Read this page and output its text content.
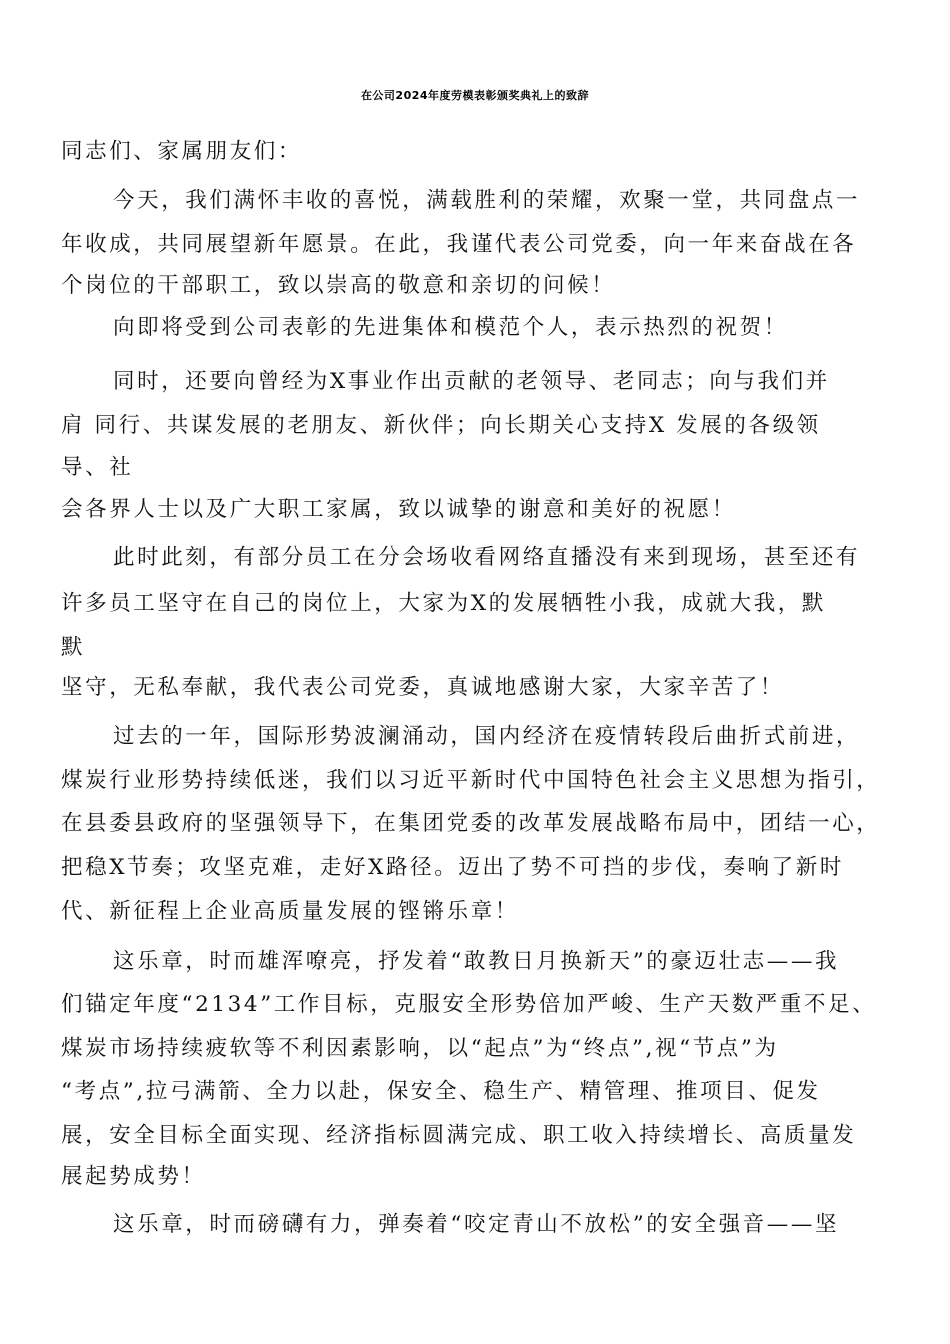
在公司2024年度劳模表彰颁奖典礼上的致辞
同志们、家属朋友们：
今天，我们满怀丰收的喜悦，满载胜利的荣耀，欢聚一堂，共同盘点一
年收成，共同展望新年愿景。在此，我谨代表公司党委，向一年来奋战在各
个岗位的干部职工，致以崇高的敬意和亲切的问候！
向即将受到公司表彰的先进集体和模范个人，表示热烈的祝贺！
同时，还要向曾经为X事业作出贡献的老领导、老同志；向与我们并
肩 同行、共谋发展的老朋友、新伙伴；向长期关心支持X 发展的各级领
导、社
会各界人士以及广大职工家属，致以诚挚的谢意和美好的祝愿！
此时此刻，有部分员工在分会场收看网络直播没有来到现场，甚至还有
许多员工坚守在自己的岗位上，大家为X的发展牺牲小我，成就大我，默
默
坚守，无私奉献，我代表公司党委，真诚地感谢大家，大家辛苦了！
过去的一年，国际形势波澜涌动，国内经济在疫情转段后曲折式前进，
煤炭行业形势持续低迷，我们以习近平新时代中国特色社会主义思想为指引，
在县委县政府的坚强领导下，在集团党委的改革发展战略布局中，团结一心，
把稳X节奏；攻坚克难，走好X路径。迈出了势不可挡的步伐，奏响了新时
代、新征程上企业高质量发展的铿锵乐章！
这乐章，时而雄浑嘹亮，抒发着“敢教日月换新天”的豪迈壮志——我
们锚定年度“2134”工作目标，克服安全形势倍加严峻、生产天数严重不足、
煤炭市场持续疲软等不利因素影响，以“起点”为“终点”,视“节点”为
“考点”,拉弓满箭、全力以赴，保安全、稳生产、精管理、推项目、促发
展，安全目标全面实现、经济指标圆满完成、职工收入持续增长、高质量发
展起势成势！
这乐章，时而磅礴有力，弹奏着“咬定青山不放松”的安全强音——坚
